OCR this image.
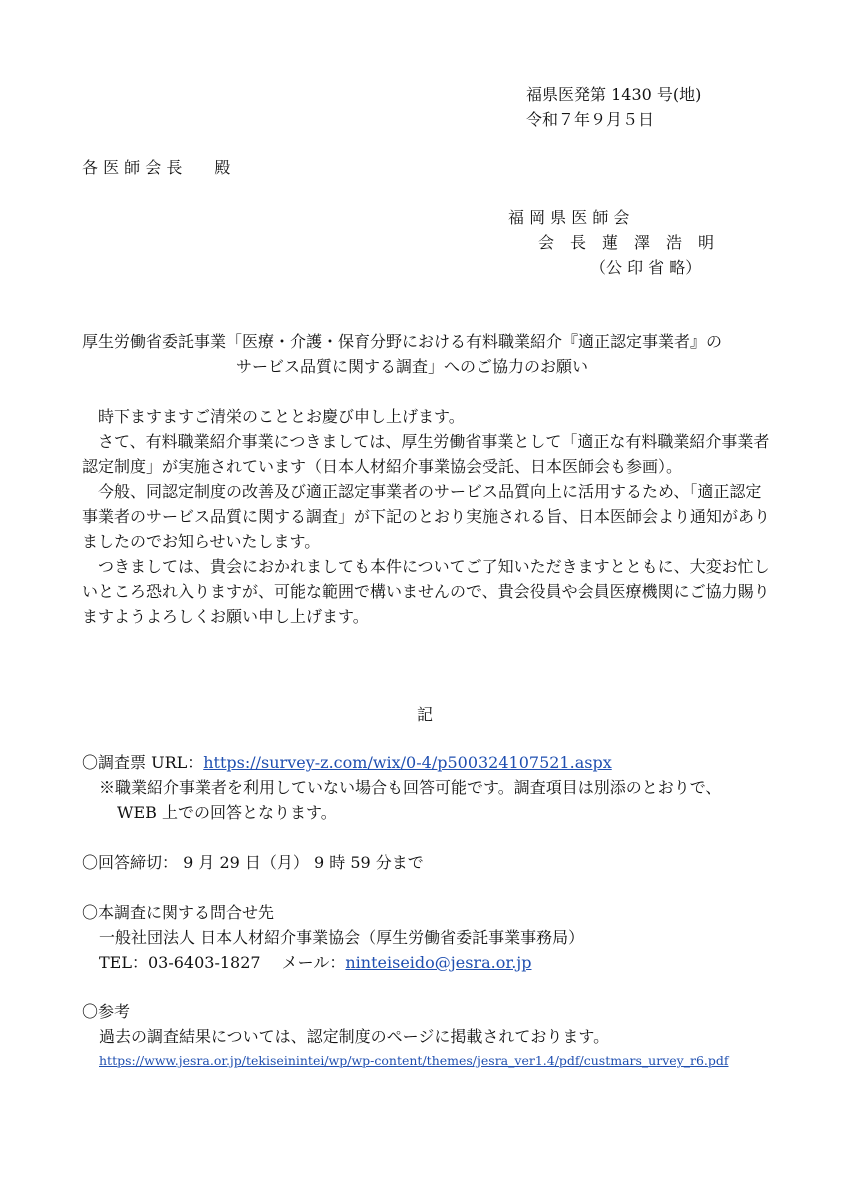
福県医発第 1430 号(地)
令和７年９月５日
各 医 師 会 長　　殿
福 岡 県 医 師 会
会　長　蓮　澤　浩　明
（公 印 省 略）
厚生労働省委託事業「医療・介護・保育分野における有料職業紹介『適正認定事業者』の
サービス品質に関する調査」へのご協力のお願い

時下ますますご清栄のこととお慶び申し上げます。

さて、有料職業紹介事業につきましては、厚生労働省事業として「適正な有料職業紹介事業者認定制度」が実施されています（日本人材紹介事業協会受託、日本医師会も参画）。

今般、同認定制度の改善及び適正認定事業者のサービス品質向上に活用するため、「適正認定事業者のサービス品質に関する調査」が下記のとおり実施される旨、日本医師会より通知がありましたのでお知らせいたします。

つきましては、貴会におかれましても本件についてご了知いただきますとともに、大変お忙しいところ恐れ入りますが、可能な範囲で構いませんので、貴会役員や会員医療機関にご協力賜りますようよろしくお願い申し上げます。

記
〇調査票 URL：https://survey-z.com/wix/0-4/p500324107521.aspx
※職業紹介事業者を利用していない場合も回答可能です。調査項目は別添のとおりで、
WEB 上での回答となります。
〇回答締切： 9 月 29 日（月） 9 時 59 分まで
〇本調査に関する問合せ先
一般社団法人 日本人材紹介事業協会（厚生労働省委託事業事務局）
TEL：03-6403-1827　 メール：ninteiseido@jesra.or.jp
〇参考
過去の調査結果については、認定制度のページに掲載されております。
https://www.jesra.or.jp/tekiseinintei/wp/wp-content/themes/jesra_ver1.4/pdf/custmars_urvey_r6.pdf
